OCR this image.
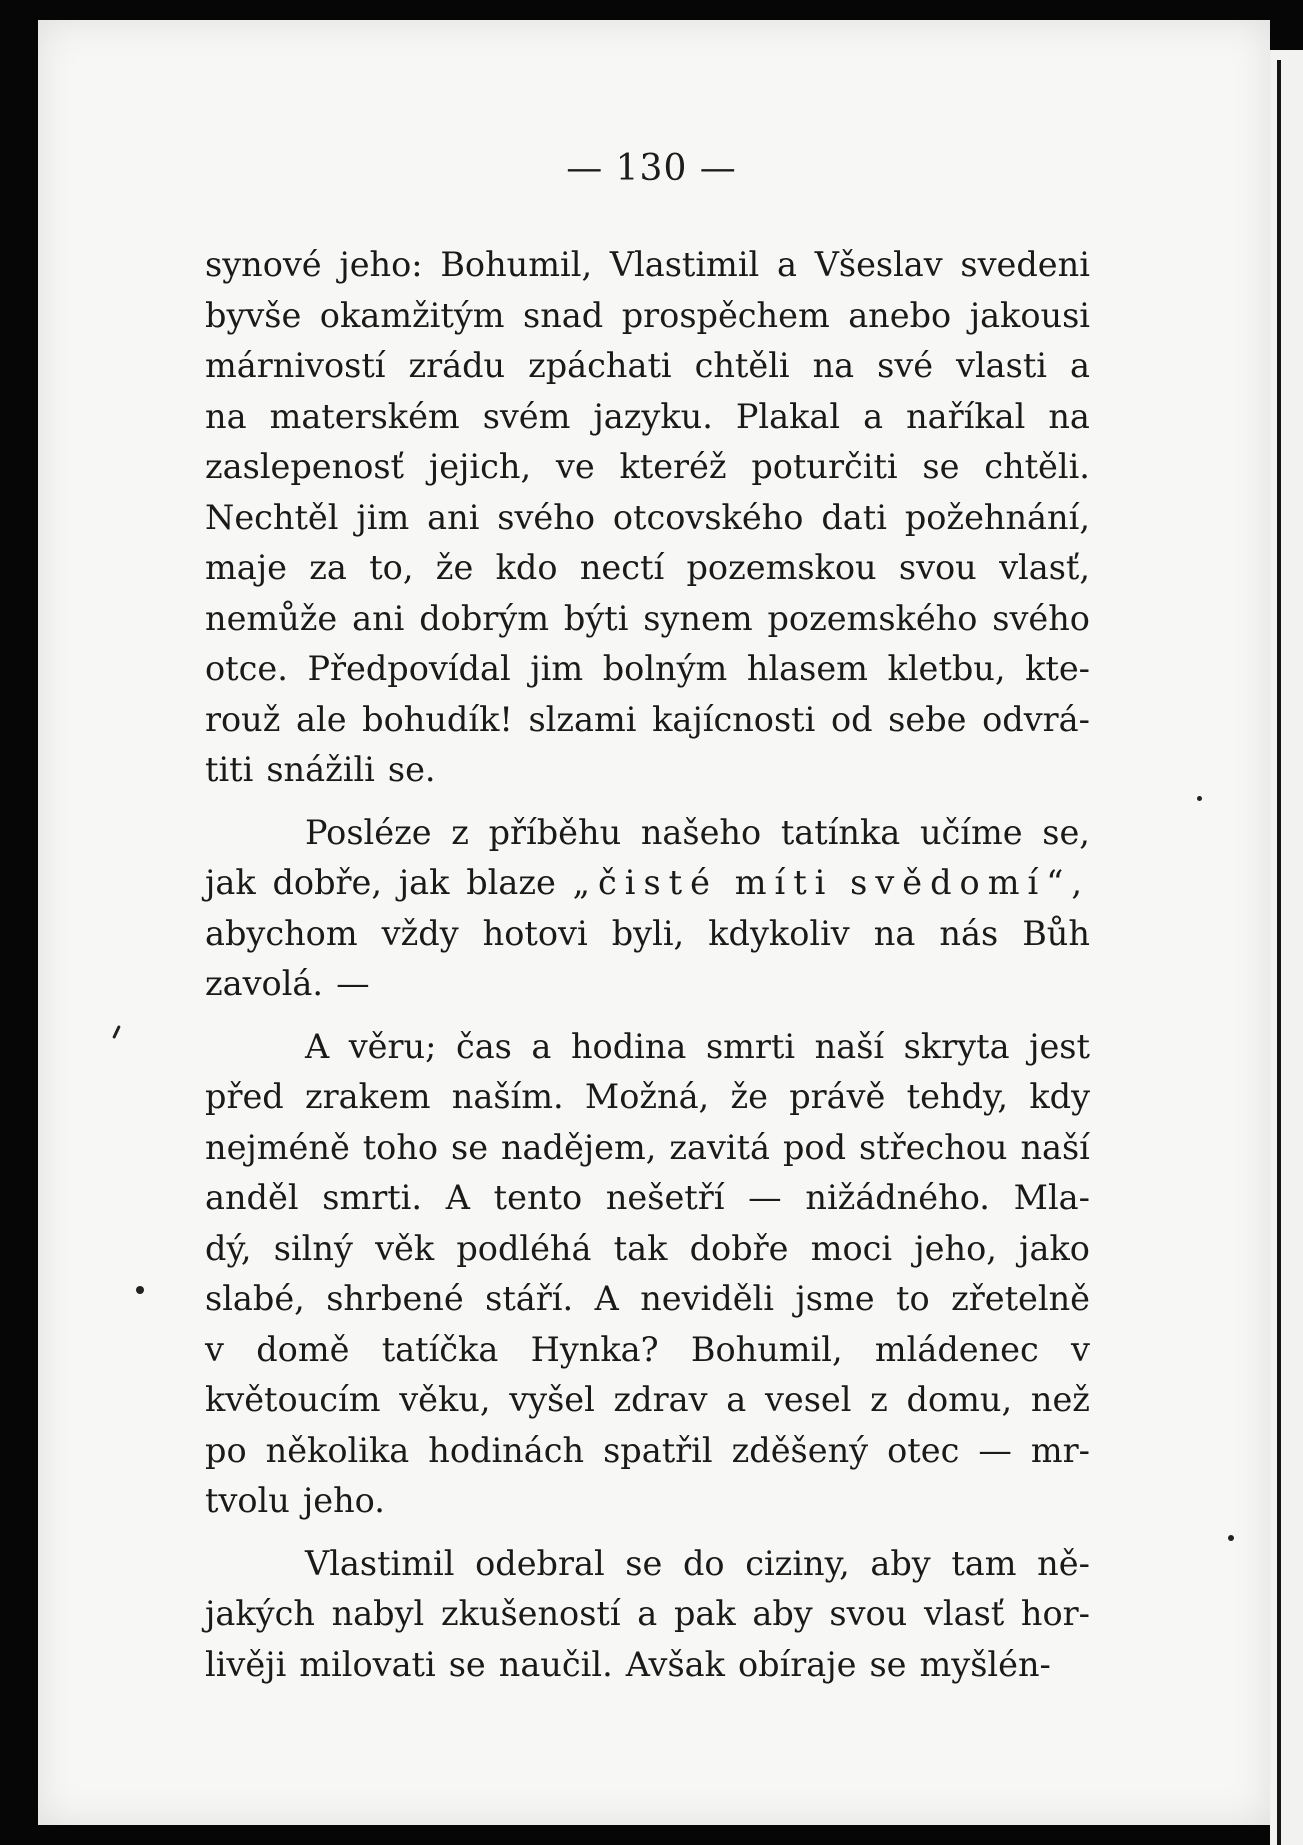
— 130 —
synové jeho: Bohumil, Vlastimil a Všeslav svedeni
byvše okamžitým snad prospěchem anebo jakousi
márnivostí zrádu zpáchati chtěli na své vlasti a
na materském svém jazyku. Plakal a naříkal na
zaslepenosť jejich, ve kteréž poturčiti se chtěli.
Nechtěl jim ani svého otcovského dati požehnání,
maje za to, že kdo nectí pozemskou svou vlasť,
nemůže ani dobrým býti synem pozemského svého
otce. Předpovídal jim bolným hlasem kletbu, kte-
rouž ale bohudík! slzami kajícnosti od sebe odvrá-
titi snážili se.
Posléze z příběhu našeho tatínka učíme se,
jak dobře, jak blaze „čisté míti svědomí“,
abychom vždy hotovi byli, kdykoliv na nás Bůh
zavolá. —
A věru; čas a hodina smrti naší skryta jest
před zrakem naším. Možná, že právě tehdy, kdy
nejméně toho se nadějem, zavitá pod střechou naší
anděl smrti. A tento nešetří — nižádného. Mla-
dý, silný věk podléhá tak dobře moci jeho, jako
slabé, shrbené stáří. A neviděli jsme to zřetelně
v domě tatíčka Hynka? Bohumil, mládenec v
květoucím věku, vyšel zdrav a vesel z domu, než
po několika hodinách spatřil zděšený otec — mr-
tvolu jeho.
Vlastimil odebral se do ciziny, aby tam ně-
jakých nabyl zkušeností a pak aby svou vlasť hor-
livěji milovati se naučil. Avšak obíraje se myšlén-
